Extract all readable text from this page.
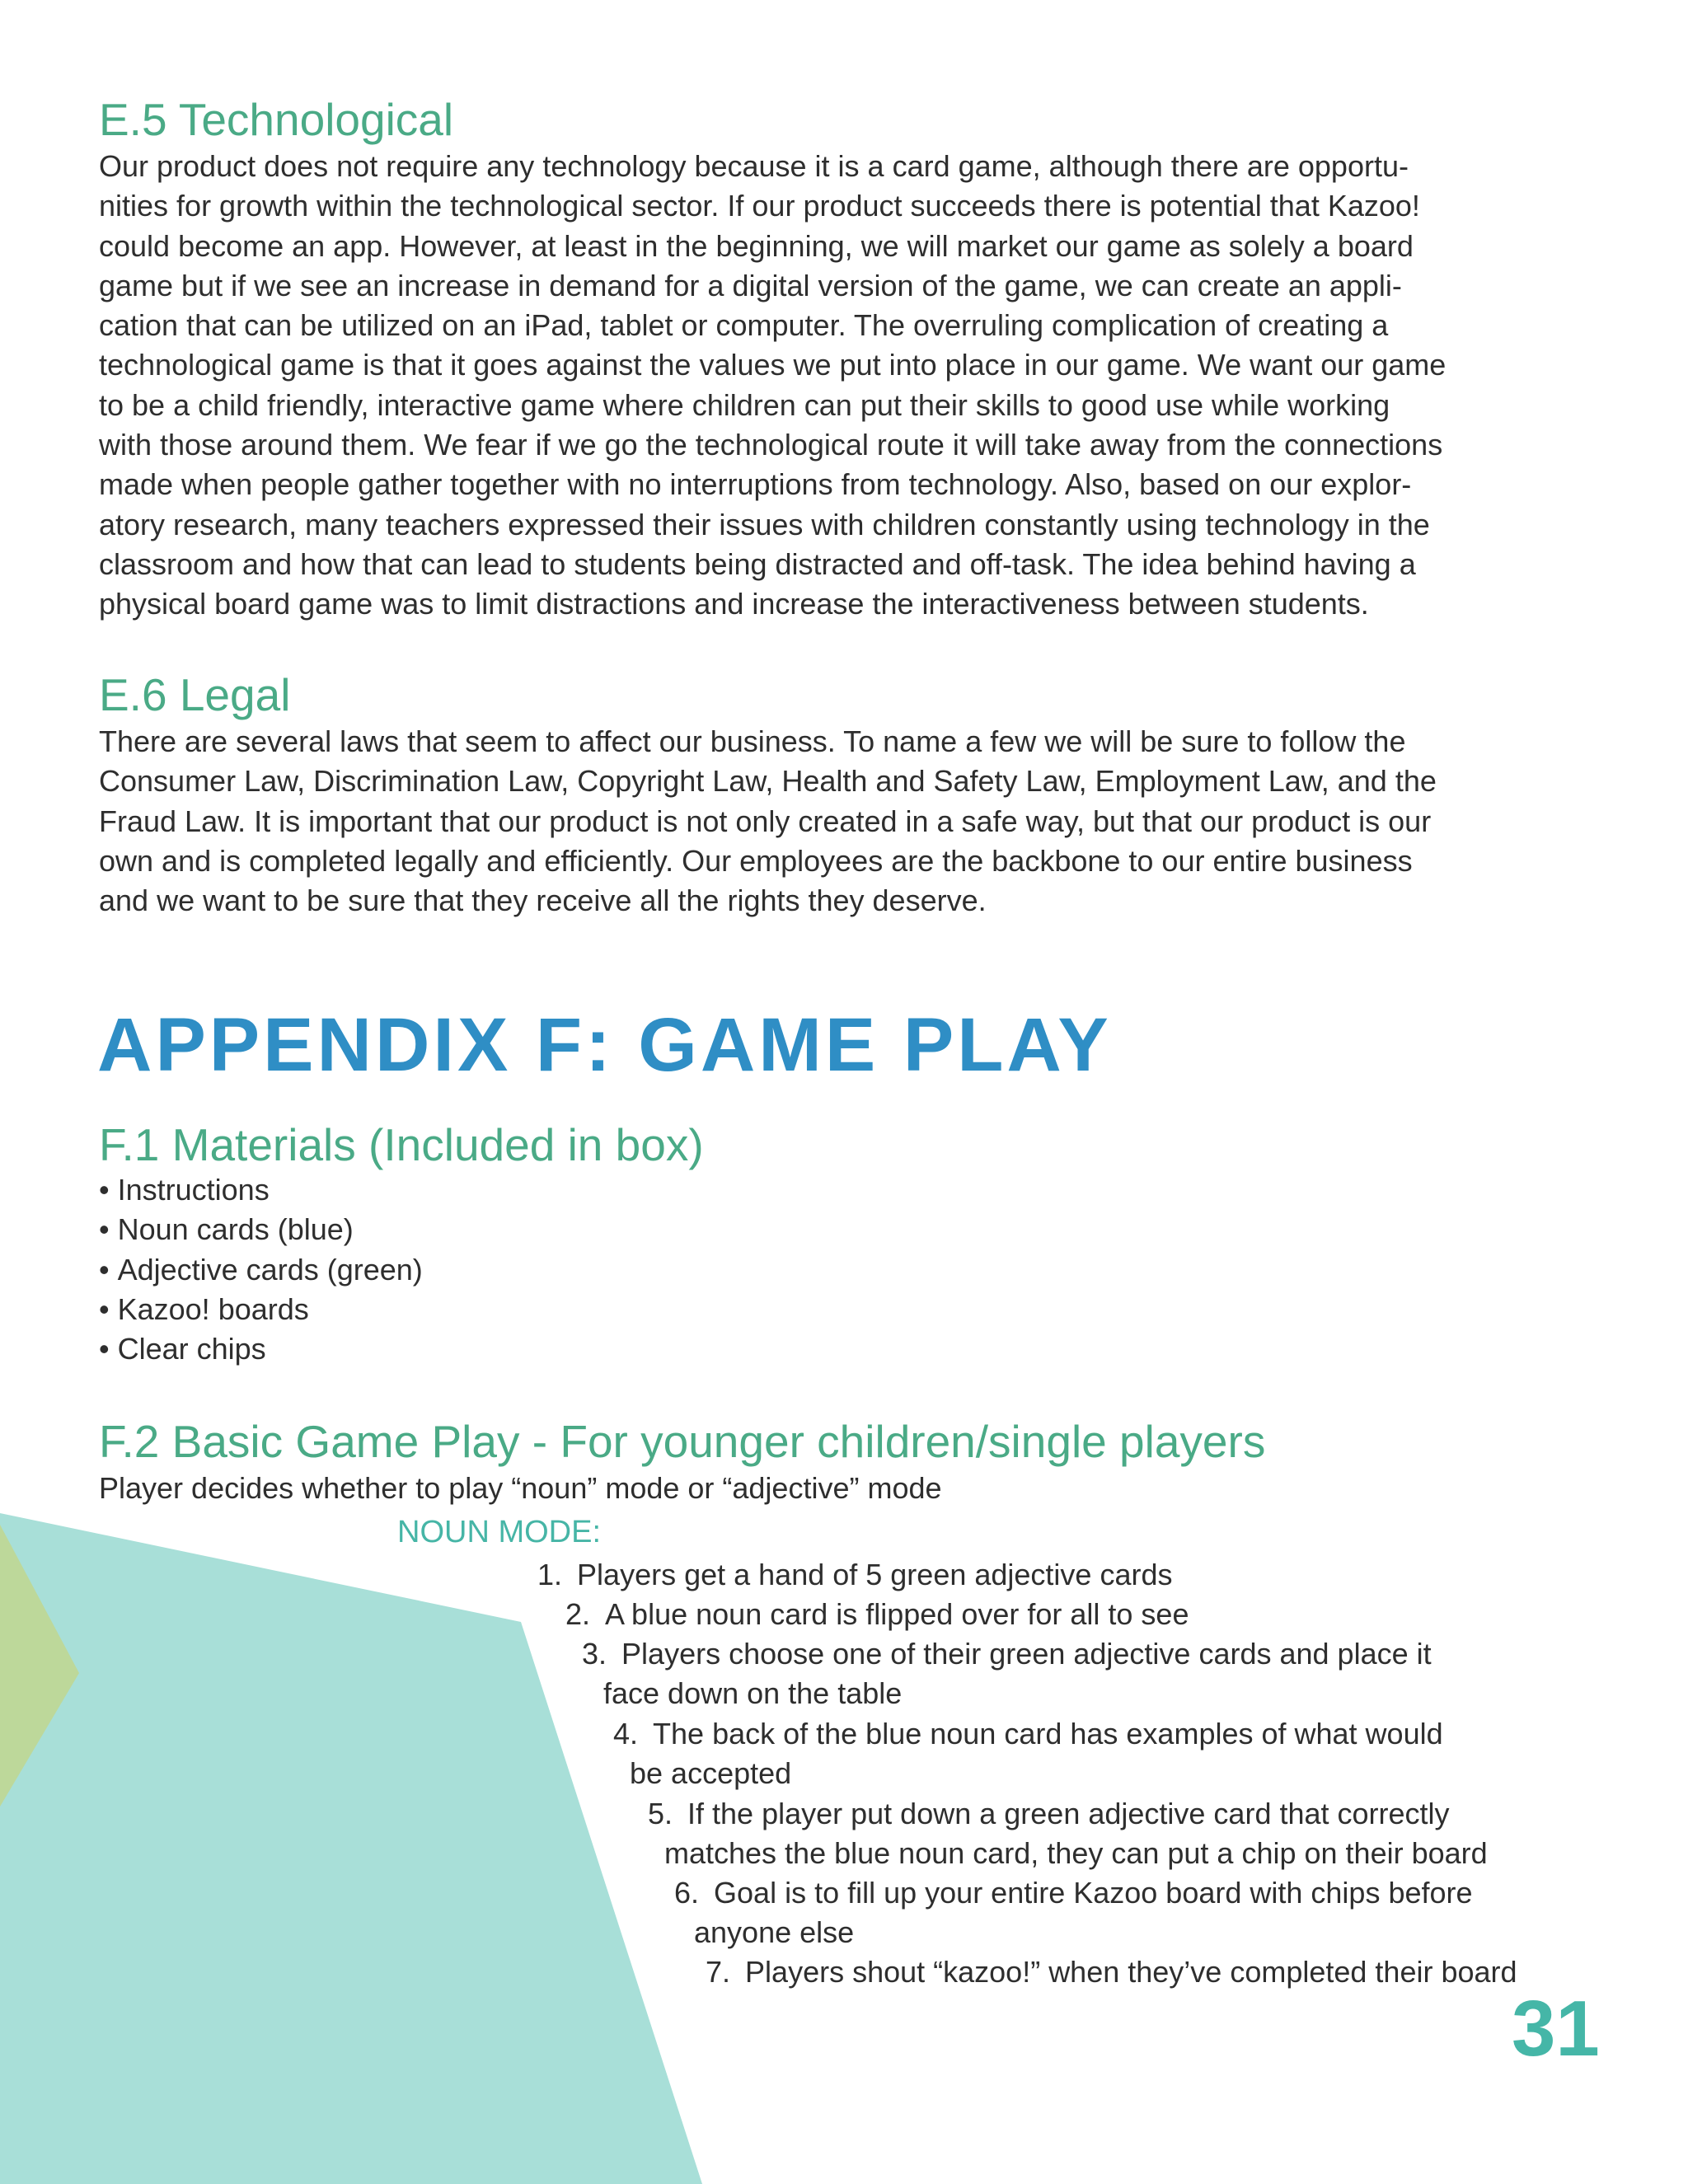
E.5 Technological
Our product does not require any technology because it is a card game, although there are opportu-
nities for growth within the technological sector. If our product succeeds there is potential that Kazoo!
could become an app. However, at least in the beginning, we will market our game as solely a board
game but if we see an increase in demand for a digital version of the game, we can create an appli-
cation that can be utilized on an iPad, tablet or computer. The overruling complication of creating a
technological game is that it goes against the values we put into place in our game. We want our game
to be a child friendly, interactive game where children can put their skills to good use while working
with those around them. We fear if we go the technological route it will take away from the connections
made when people gather together with no interruptions from technology. Also, based on our explor-
atory research, many teachers expressed their issues with children constantly using technology in the
classroom and how that can lead to students being distracted and off-task. The idea behind having a
physical board game was to limit distractions and increase the interactiveness between students.
E.6 Legal
There are several laws that seem to affect our business. To name a few we will be sure to follow the
Consumer Law, Discrimination Law, Copyright Law, Health and Safety Law, Employment Law, and the
Fraud Law. It is important that our product is not only created in a safe way, but that our product is our
own and is completed legally and efficiently. Our employees are the backbone to our entire business
and we want to be sure that they receive all the rights they deserve.
APPENDIX F: GAME PLAY
F.1 Materials (Included in box)
• Instructions
• Noun cards (blue)
• Adjective cards (green)
• Kazoo! boards
• Clear chips
F.2 Basic Game Play - For younger children/single players

Player decides whether to play “noun” mode or “adjective” mode

NOUN MODE:

1. Players get a hand of 5 green adjective cards
2. A blue noun card is flipped over for all to see
3. Players choose one of their green adjective cards and place it
face down on the table
4. The back of the blue noun card has examples of what would
be accepted
5. If the player put down a green adjective card that correctly
matches the blue noun card, they can put a chip on their board
6. Goal is to fill up your entire Kazoo board with chips before
anyone else
7. Players shout “kazoo!” when they’ve completed their board
31
